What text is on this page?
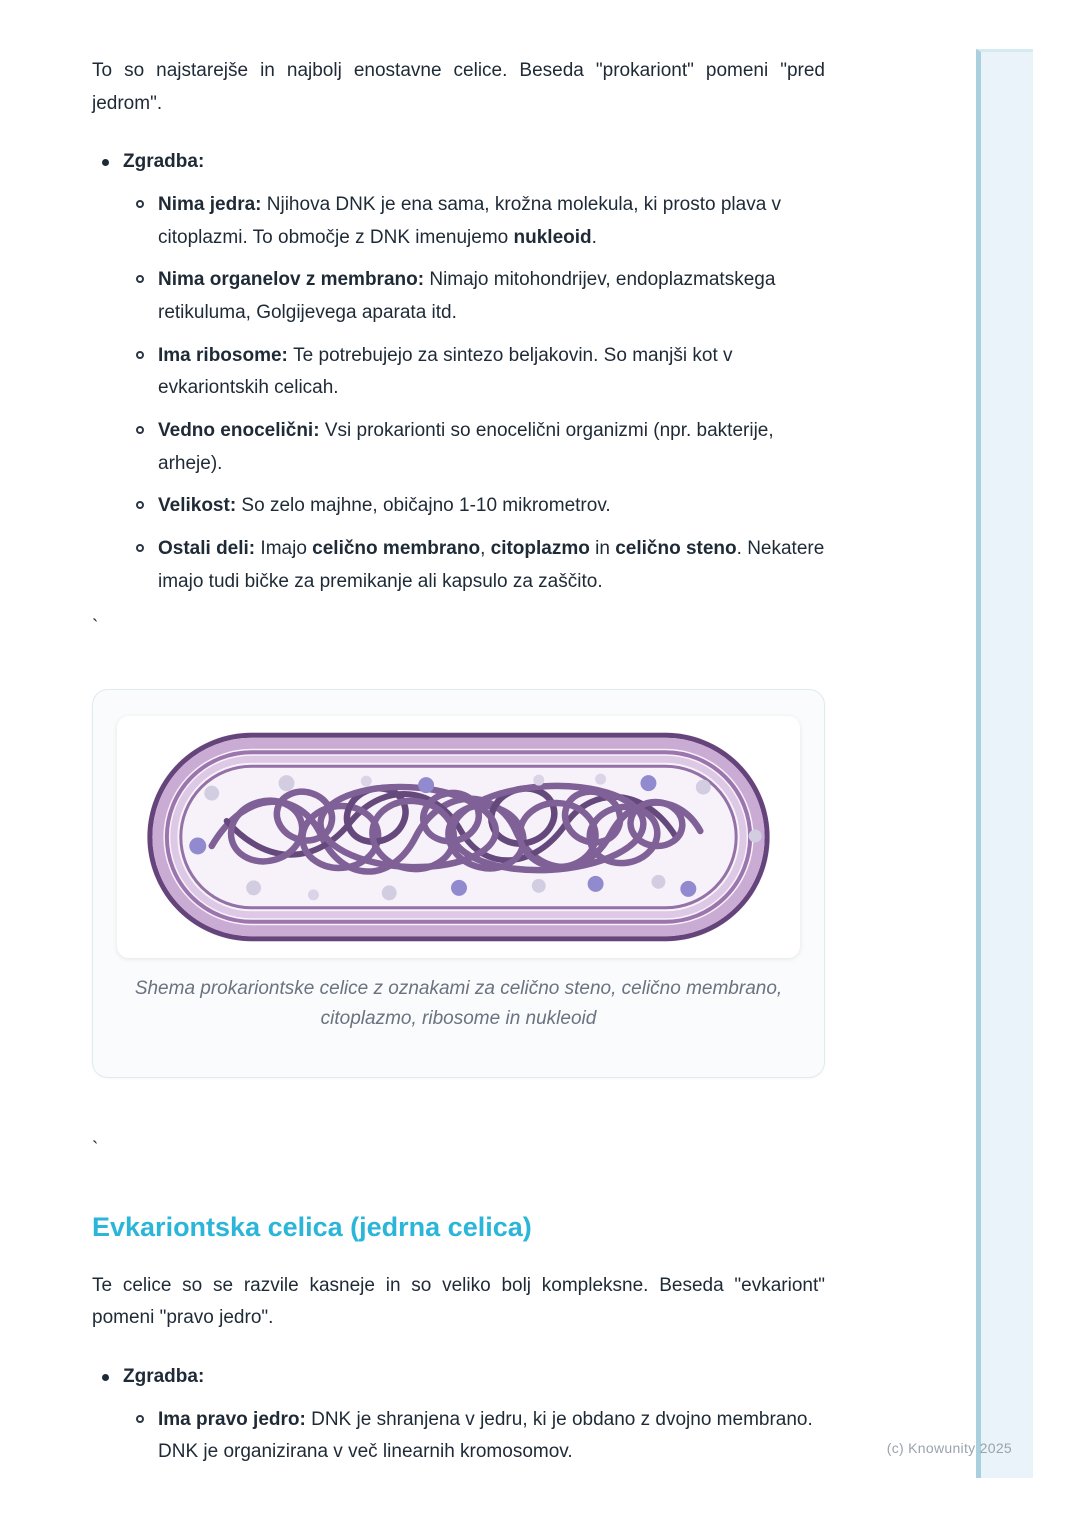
To so najstarejše in najbolj enostavne celice. Beseda "prokariont" pomeni "pred jedrom".

Zgradba:
Nima jedra: Njihova DNK je ena sama, krožna molekula, ki prosto plava v citoplazmi. To območje z DNK imenujemo nukleoid.
Nima organelov z membrano: Nimajo mitohondrijev, endoplazmatskega retikuluma, Golgijevega aparata itd.
Ima ribosome: Te potrebujejo za sintezo beljakovin. So manjši kot v evkariontskih celicah.
Vedno enocelični: Vsi prokarionti so enocelični organizmi (npr. bakterije, arheje).
Velikost: So zelo majhne, običajno 1-10 mikrometrov.
Ostali deli: Imajo celično membrano, citoplazmo in celično steno. Nekatere imajo tudi bičke za premikanje ali kapsulo za zaščito.
`
Shema prokariontske celice z oznakami za celično steno, celično membrano, citoplazmo, ribosome in nukleoid
`
Evkariontska celica (jedrna celica)

Te celice so se razvile kasneje in so veliko bolj kompleksne. Beseda "evkariont" pomeni "pravo jedro".

Zgradba:
Ima pravo jedro: DNK je shranjena v jedru, ki je obdano z dvojno membrano. DNK je organizirana v več linearnih kromosomov.	(c) Knowunity 2025
